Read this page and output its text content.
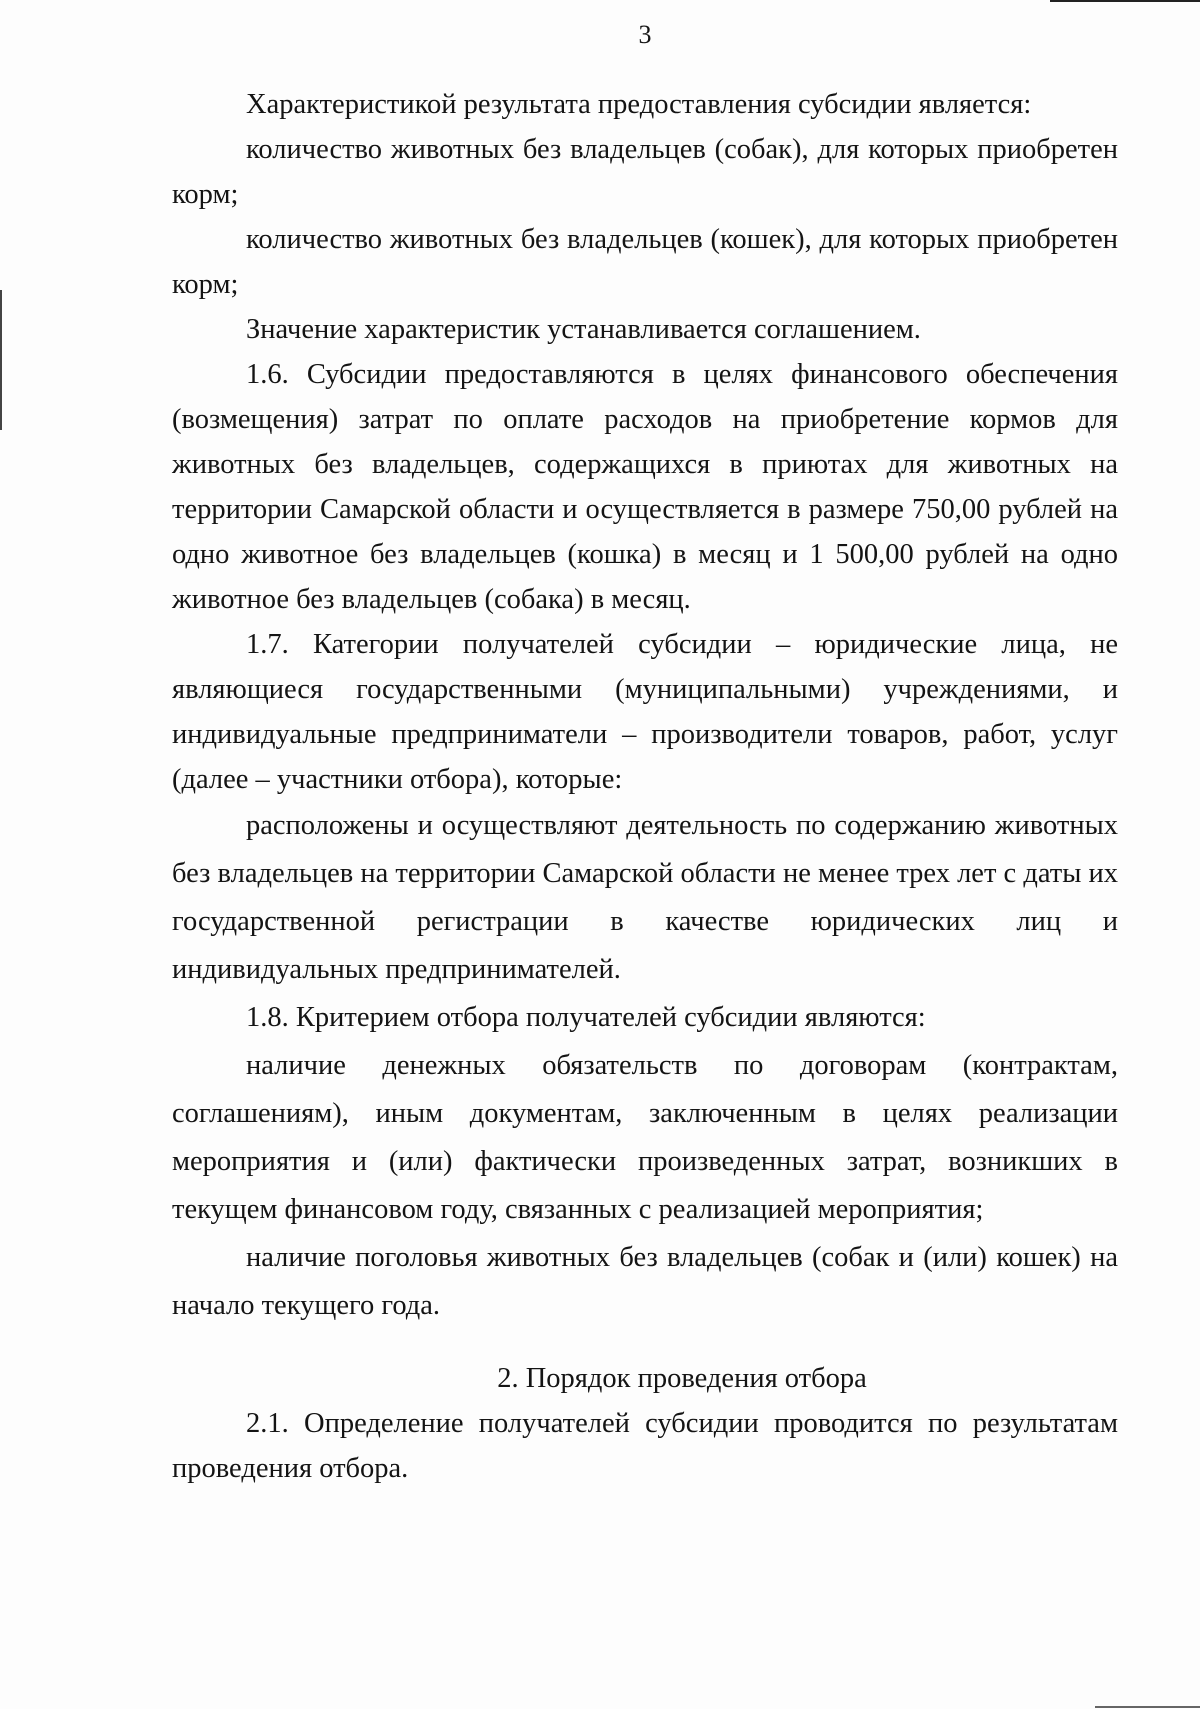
3

Характеристикой результата предоставления субсидии является:

количество животных без владельцев (собак), для которых приобретен корм;

количество животных без владельцев (кошек), для которых приобретен корм;

Значение характеристик устанавливается соглашением.

1.6. Субсидии предоставляются в целях финансового обеспечения (возмещения) затрат по оплате расходов на приобретение кормов для животных без владельцев, содержащихся в приютах для животных на территории Самарской области и осуществляется в размере 750,00 рублей на одно животное без владельцев (кошка) в месяц и 1 500,00 рублей на одно животное без владельцев (собака) в месяц.

1.7. Категории получателей субсидии – юридические лица, не являющиеся государственными (муниципальными) учреждениями, и индивидуальные предприниматели – производители товаров, работ, услуг (далее – участники отбора), которые:

расположены и осуществляют деятельность по содержанию животных без владельцев на территории Самарской области не менее трех лет с даты их государственной регистрации в качестве юридических лиц и индивидуальных предпринимателей.

1.8. Критерием отбора получателей субсидии являются:

наличие денежных обязательств по договорам (контрактам, соглашениям), иным документам, заключенным в целях реализации мероприятия и (или) фактически произведенных затрат, возникших в текущем финансовом году, связанных с реализацией мероприятия;

наличие поголовья животных без владельцев (собак и (или) кошек) на начало текущего года.

2. Порядок проведения отбора

2.1. Определение получателей субсидии проводится по результатам проведения отбора.
